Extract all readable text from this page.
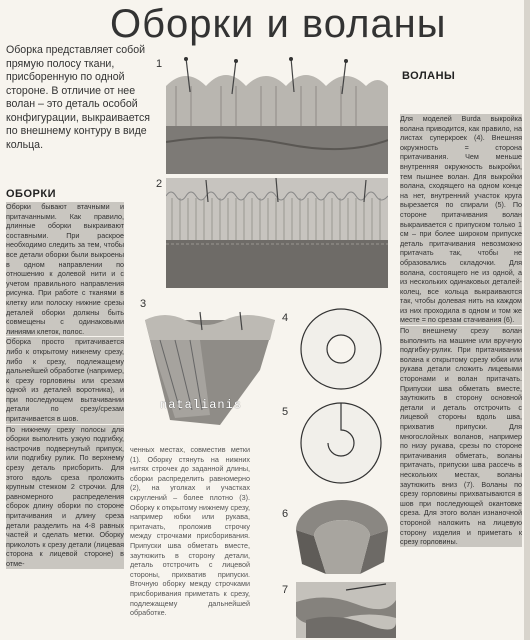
Оборки и воланы
Оборка представляет собой прямую полосу ткани, присборенную по одной стороне. В отличие от нее волан – это деталь особой конфигурации, выкраивается по внешнему контуру в виде кольца.
ОБОРКИ

Оборки бывают втачными и притачанными. Как правило, длинные оборки выкраивают составными. При раскрое необходимо следить за тем, чтобы все детали оборки были выкроены в одном направлении по отношению к долевой нити и с учетом правильного направления рисунка. При работе с тканями в клетку или полоску нижние срезы деталей оборки должны быть совмещены с одинаковыми линиями клеток, полос.

Оборка просто притачивается либо к открытому нижнему срезу, либо к срезу, подлежащему дальнейшей обработке (например, к срезу горловины или срезам одной из деталей воротника), и при последующем вытачивании детали по срезу/срезам притачивается в шов.

По нижнему срезу полосы для оборки выполнить узкую подгибку, настрочив подвернутый припуск, или подгибку рулик. По верхнему срезу деталь присборить. Для этого вдоль среза проложить крупным стежком 2 строчки. Для равномерного распределения сборок длину оборки по стороне притачивания и длину среза детали разделить на 4-8 равных частей и сделать метки. Оборку приколоть к срезу детали (лицевая сторона к лицевой стороне) в отме-

ченных местах, совместив метки (1). Оборку стянуть на нижних нитях строчек до заданной длины, сборки распределить равномерно (2), на уголках и участках скруглений – более плотно (3). Оборку к открытому нижнему срезу, например юбки или рукава, притачать, проложив строчку между строчками присборивания. Припуски шва обметать вместе, заутюжить в сторону детали, деталь отстрочить с лицевой стороны, прихватив припуски. Вточную оборку между строчками присборивания приметать к срезу, подлежащему дальнейшей обработке.

ВОЛАНЫ

Для моделей Burda выкройка волана приводится, как правило, на листах суперкроек (4). Внешняя окружность = сторона притачивания. Чем меньше внутренняя окружность выкройки, тем пышнее волан. Для выкройки волана, сходящего на одном конце на нет, внутренний участок круга вырезается по спирали (5). По стороне притачивания волан выкраивается с припуском только 1 см – при более широком припуске деталь притачивания невозможно притачать так, чтобы не образовались складочки. Для волана, состоящего не из одной, а из нескольких одинаковых деталей-колец, все кольца выкраиваются так, чтобы долевая нить на каждом из них проходила в одном и том же месте = по срезам стачивания (6).

По внешнему срезу волан выполнить на машине или вручную подгибку-рулик. При притачивании волана к открытому срезу юбки или рукава детали сложить лицевыми сторонами и волан притачать. Припуски шва обметать вместе, заутюжить в сторону основной детали и деталь отстрочить с лицевой стороны вдоль шва, прихватив припуски. Для многослойных воланов, например по низу рукава, срезы по стороне притачивания обметать, воланы притачать, припуски шва рассечь в нескольких местах, воланы заутюжить вниз (7). Воланы по срезу горловины прихватываются в шов при последующей окантовке среза. Для этого волан изнаночной стороной наложить на лицевую сторону изделия и приметать к срезу горловины.

1
2
3
4
5
6
7
natalianis
